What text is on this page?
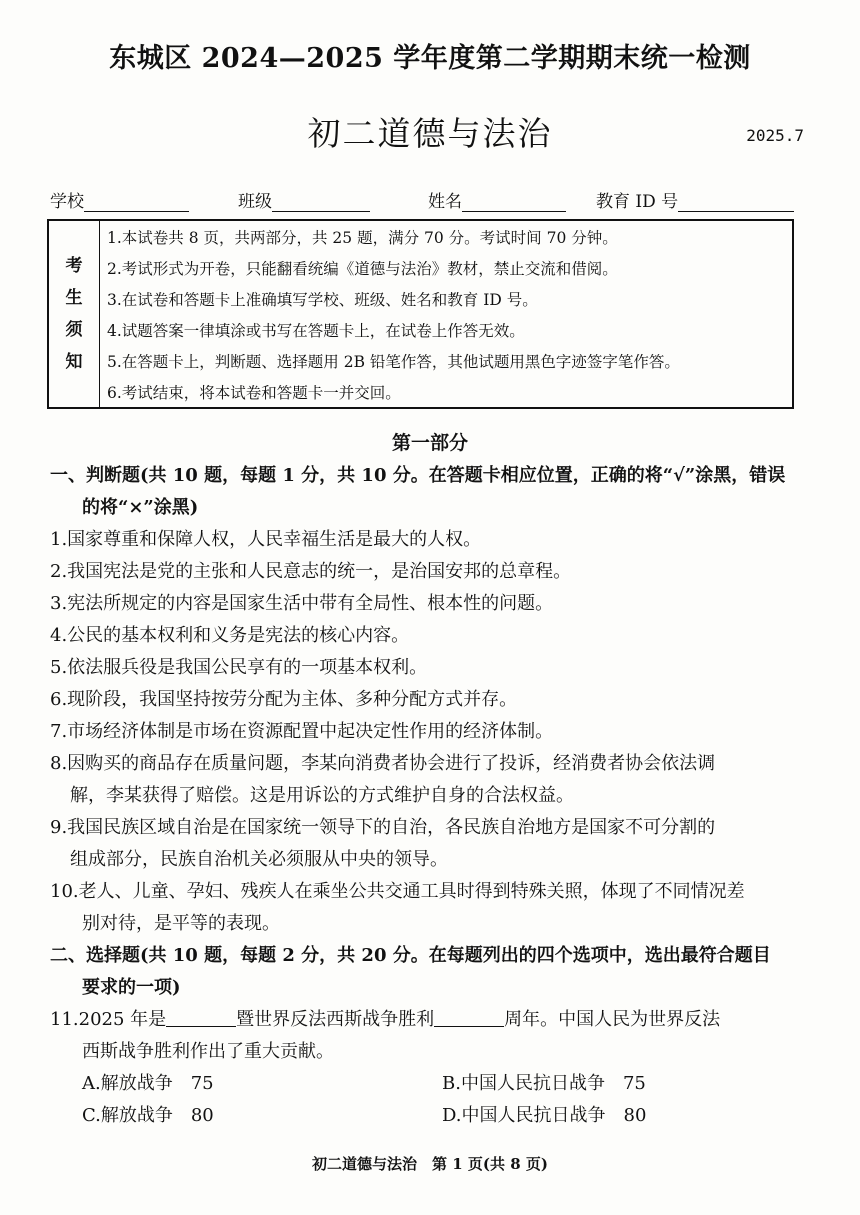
东城区 2024—2025 学年度第二学期期末统一检测
初二道德与法治	2025.7
学校	班级	姓名	教育 ID 号
考
生
须
知
1.本试卷共 8 页，共两部分，共 25 题，满分 70 分。考试时间 70 分钟。
2.考试形式为开卷，只能翻看统编《道德与法治》教材，禁止交流和借阅。
3.在试卷和答题卡上准确填写学校、班级、姓名和教育 ID 号。
4.试题答案一律填涂或书写在答题卡上，在试卷上作答无效。
5.在答题卡上，判断题、选择题用 2B 铅笔作答，其他试题用黑色字迹签字笔作答。
6.考试结束，将本试卷和答题卡一并交回。
第一部分
一、判断题(共 10 题，每题 1 分，共 10 分。在答题卡相应位置，正确的将“√”涂黑，错误
的将“×”涂黑)
1.国家尊重和保障人权，人民幸福生活是最大的人权。
2.我国宪法是党的主张和人民意志的统一，是治国安邦的总章程。
3.宪法所规定的内容是国家生活中带有全局性、根本性的问题。
4.公民的基本权利和义务是宪法的核心内容。
5.依法服兵役是我国公民享有的一项基本权利。
6.现阶段，我国坚持按劳分配为主体、多种分配方式并存。
7.市场经济体制是市场在资源配置中起决定性作用的经济体制。
8.因购买的商品存在质量问题，李某向消费者协会进行了投诉，经消费者协会依法调
解，李某获得了赔偿。这是用诉讼的方式维护自身的合法权益。
9.我国民族区域自治是在国家统一领导下的自治，各民族自治地方是国家不可分割的
组成部分，民族自治机关必须服从中央的领导。
10.老人、儿童、孕妇、残疾人在乘坐公共交通工具时得到特殊关照，体现了不同情况差
别对待，是平等的表现。
二、选择题(共 10 题，每题 2 分，共 20 分。在每题列出的四个选项中，选出最符合题目
要求的一项)
11.2025 年是	暨世界反法西斯战争胜利	周年。中国人民为世界反法
西斯战争胜利作出了重大贡献。
A.解放战争 75	B.中国人民抗日战争 75
C.解放战争 80	D.中国人民抗日战争 80
初二道德与法治　第 1 页(共 8 页)
